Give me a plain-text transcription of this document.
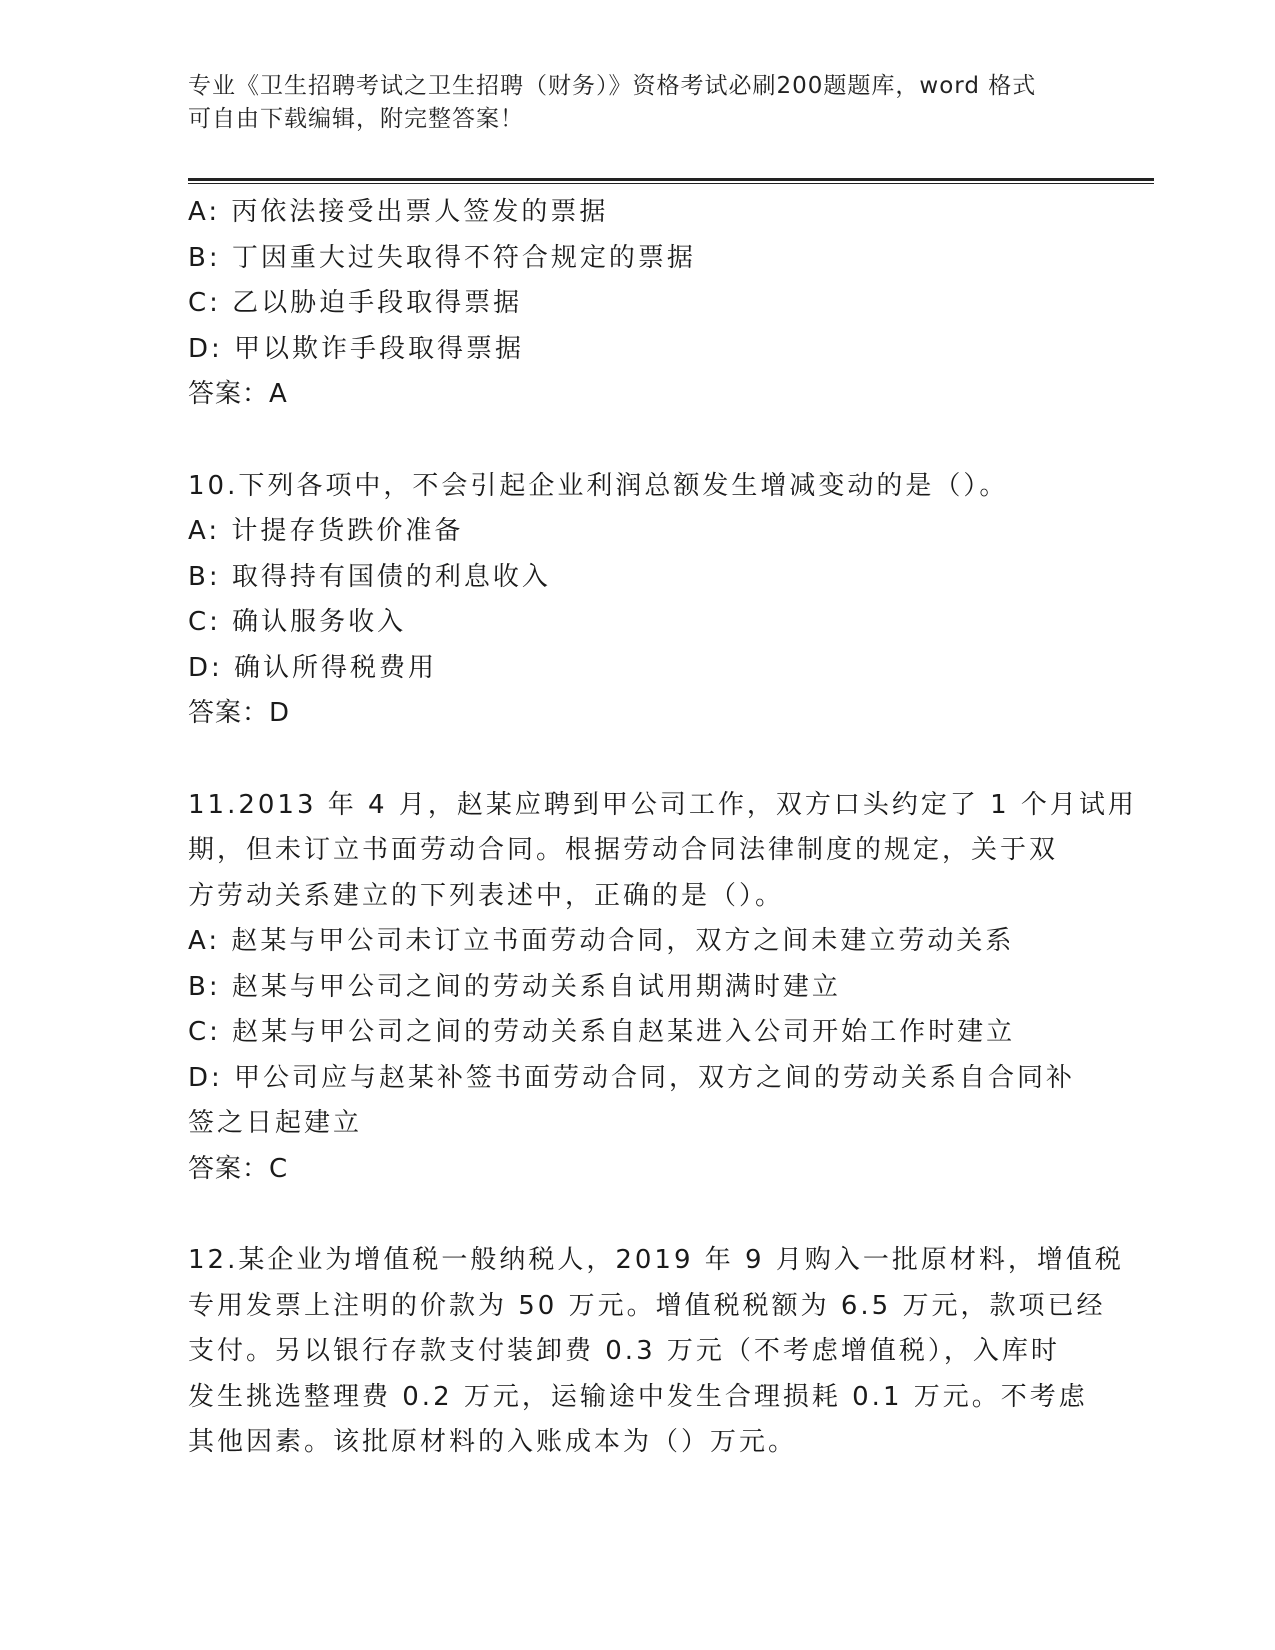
专业《卫生招聘考试之卫生招聘（财务）》资格考试必刷200题题库，word 格式
可自由下载编辑，附完整答案！
A: 丙依法接受出票人签发的票据
B: 丁因重大过失取得不符合规定的票据
C: 乙以胁迫手段取得票据
D: 甲以欺诈手段取得票据
答案：A
10.下列各项中，不会引起企业利润总额发生增减变动的是（）。
A: 计提存货跌价准备
B: 取得持有国债的利息收入
C: 确认服务收入
D: 确认所得税费用
答案：D
11.2013 年 4 月，赵某应聘到甲公司工作，双方口头约定了 1 个月试用
期，但未订立书面劳动合同。根据劳动合同法律制度的规定，关于双
方劳动关系建立的下列表述中，正确的是（）。
A: 赵某与甲公司未订立书面劳动合同，双方之间未建立劳动关系
B: 赵某与甲公司之间的劳动关系自试用期满时建立
C: 赵某与甲公司之间的劳动关系自赵某进入公司开始工作时建立
D: 甲公司应与赵某补签书面劳动合同，双方之间的劳动关系自合同补
签之日起建立
答案：C
12.某企业为增值税一般纳税人，2019 年 9 月购入一批原材料，增值税
专用发票上注明的价款为 50 万元。增值税税额为 6.5 万元，款项已经
支付。另以银行存款支付装卸费 0.3 万元（不考虑增值税），入库时
发生挑选整理费 0.2 万元，运输途中发生合理损耗 0.1 万元。不考虑
其他因素。该批原材料的入账成本为（）万元。
